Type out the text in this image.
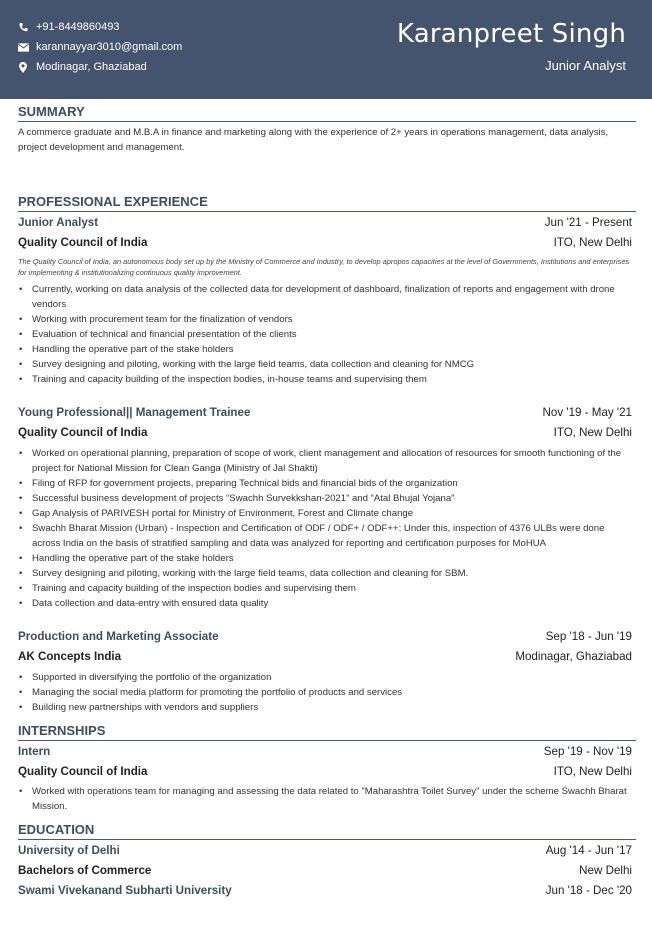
+91-8449860493
karannayyar3010@gmail.com
Modinagar, Ghaziabad
Karanpreet Singh
Junior Analyst
SUMMARY
A commerce graduate and M.B.A in finance and marketing along with the experience of 2+ years in operations management, data analysis, project development and management.
PROFESSIONAL EXPERIENCE
Junior Analyst	Jun '21 - Present
Quality Council of India	ITO, New Delhi
The Quality Council of India, an autonomous body set up by the Ministry of Commerce and Industry, to develop apropos capacities at the level of Governments, Institutions and enterprises for implementing & institutionalizing continuous quality improvement.
• Currently, working on data analysis of the collected data for development of dashboard, finalization of reports and engagement with drone vendors
• Working with procurement team for the finalization of vendors
• Evaluation of technical and financial presentation of the clients
• Handling the operative part of the stake holders
• Survey designing and piloting, working with the large field teams, data collection and cleaning for NMCG
• Training and capacity building of the inspection bodies, in-house teams and supervising them
Young Professional|| Management Trainee	Nov '19 - May '21
Quality Council of India	ITO, New Delhi
• Worked on operational planning, preparation of scope of work, client management and allocation of resources for smooth functioning of the project for National Mission for Clean Ganga (Ministry of Jal Shakti)
• Filing of RFP for government projects, preparing Technical bids and financial bids of the organization
• Successful business development of projects “Swachh Survekkshan-2021” and “Atal Bhujal Yojana”
• Gap Analysis of PARIVESH portal for Ministry of Environment, Forest and Climate change
• Swachh Bharat Mission (Urban) - Inspection and Certification of ODF / ODF+ / ODF++: Under this, inspection of 4376 ULBs were done across India on the basis of stratified sampling and data was analyzed for reporting and certification purposes for MoHUA
• Handling the operative part of the stake holders
• Survey designing and piloting, working with the large field teams, data collection and cleaning for SBM.
• Training and capacity building of the inspection bodies and supervising them
• Data collection and data-entry with ensured data quality
Production and Marketing Associate	Sep '18 - Jun '19
AK Concepts India	Modinagar, Ghaziabad
• Supported in diversifying the portfolio of the organization
• Managing the social media platform for promoting the portfolio of products and services
• Building new partnerships with vendors and suppliers
INTERNSHIPS
Intern	Sep '19 - Nov '19
Quality Council of India	ITO, New Delhi
• Worked with operations team for managing and assessing the data related to "Maharashtra Toilet Survey" under the scheme Swachh Bharat Mission.
EDUCATION
University of Delhi	Aug '14 - Jun '17
Bachelors of Commerce	New Delhi
Swami Vivekanand Subharti University	Jun '18 - Dec '20
